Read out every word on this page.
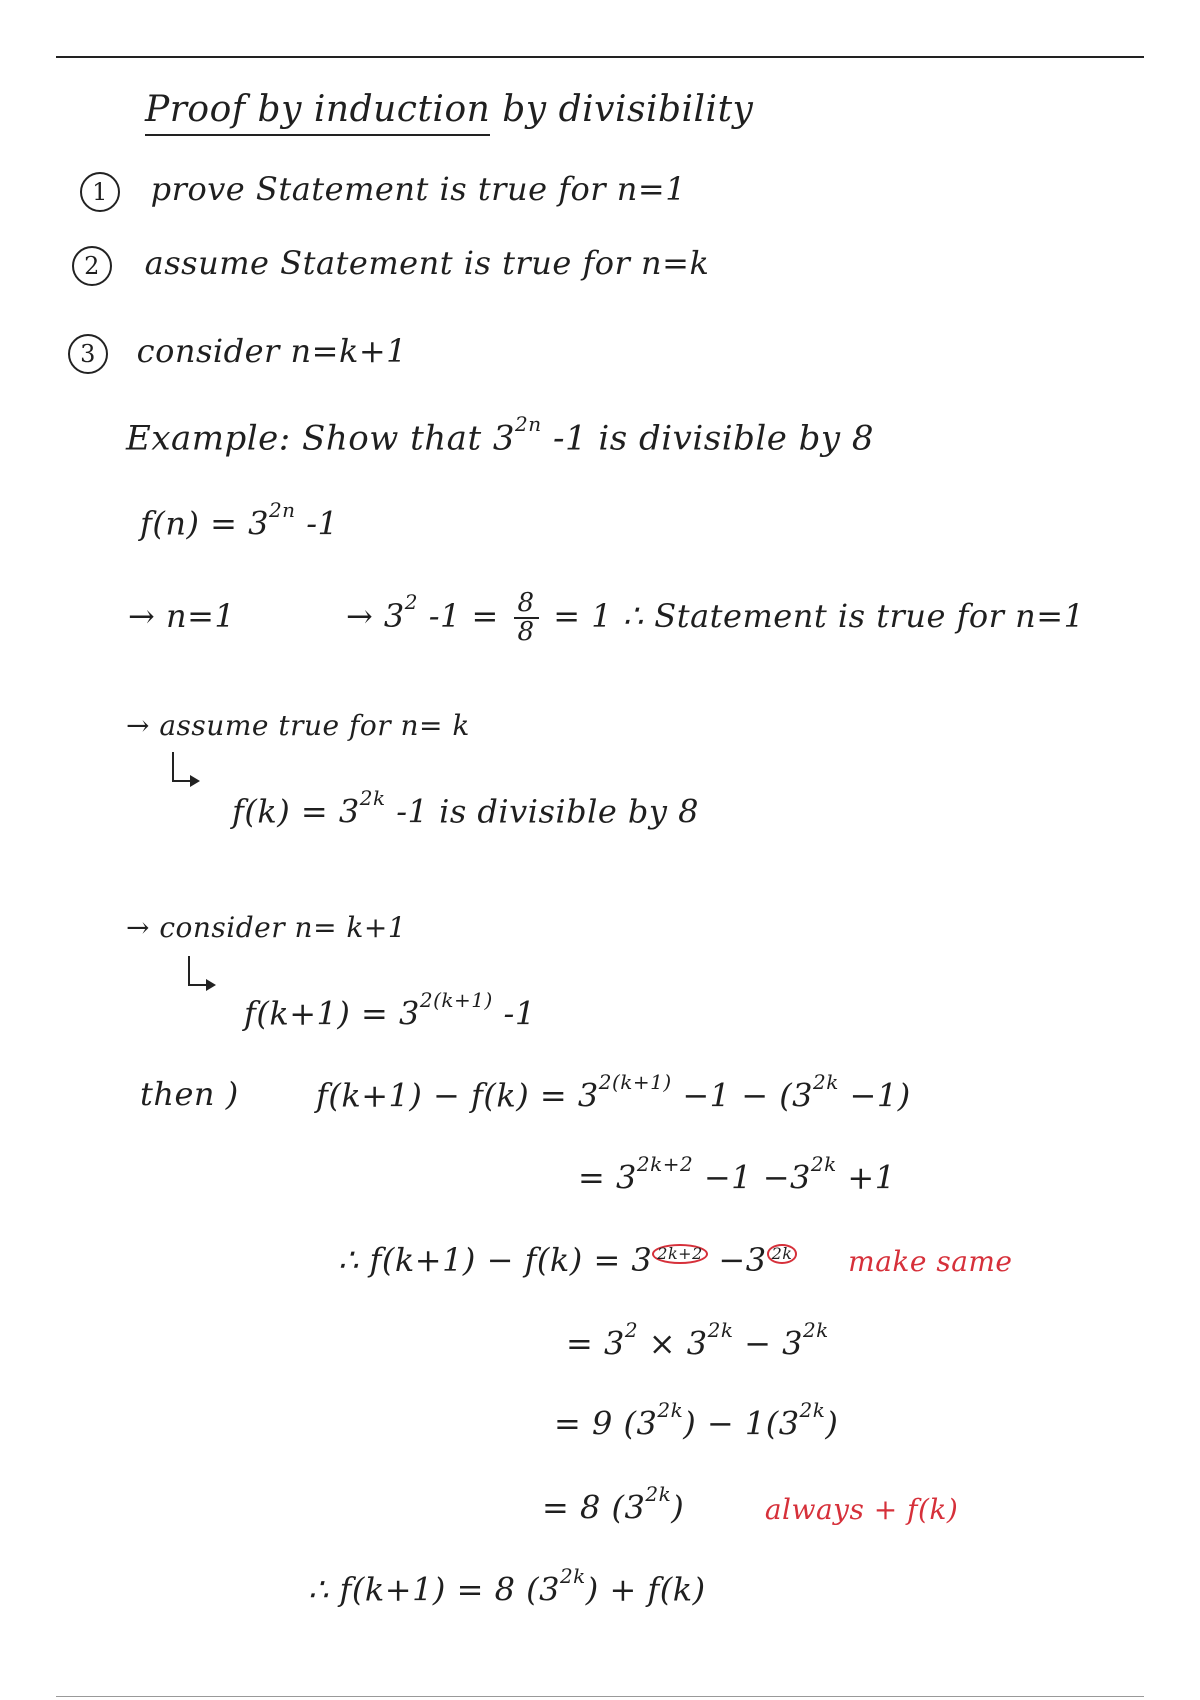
Proof by induction by divisibility
1 prove Statement is true for n=1
2 assume Statement is true for n=k
3 consider n=k+1
Example: Show that $3^{2n}$ -1 is divisible by 8
$f(n) = 3^{2n}$ -1
→ n=1	→ $3^2$ $-1 = \frac{8}{8} = 1$ ∴ Statement is true for n=1
→ assume true for n= k
$f(k) = 3^{2k}$ -1 is divisible by 8
→ consider n= k+1
$f(k+1) = 3^{2(k+1)}$ -1
then ) $f(k+1) - f(k) = 3^{2(k+1)} -1 - (3^{2k} -1)$
= $3^{2k+2} -1 -3^{2k} +1$
∴ f(k+1) − f(k) = 3 $^{2k+2}$ −3 $^{2k}$ make same
= $3^2 \times 3^{2k} - 3^{2k}$
= 9 $(3^{2k}) - 1(3^{2k})$
= 8 $(3^{2k})$	always + f(k)
∴ f(k+1) = 8 $(3^{2k}) + f(k)$
